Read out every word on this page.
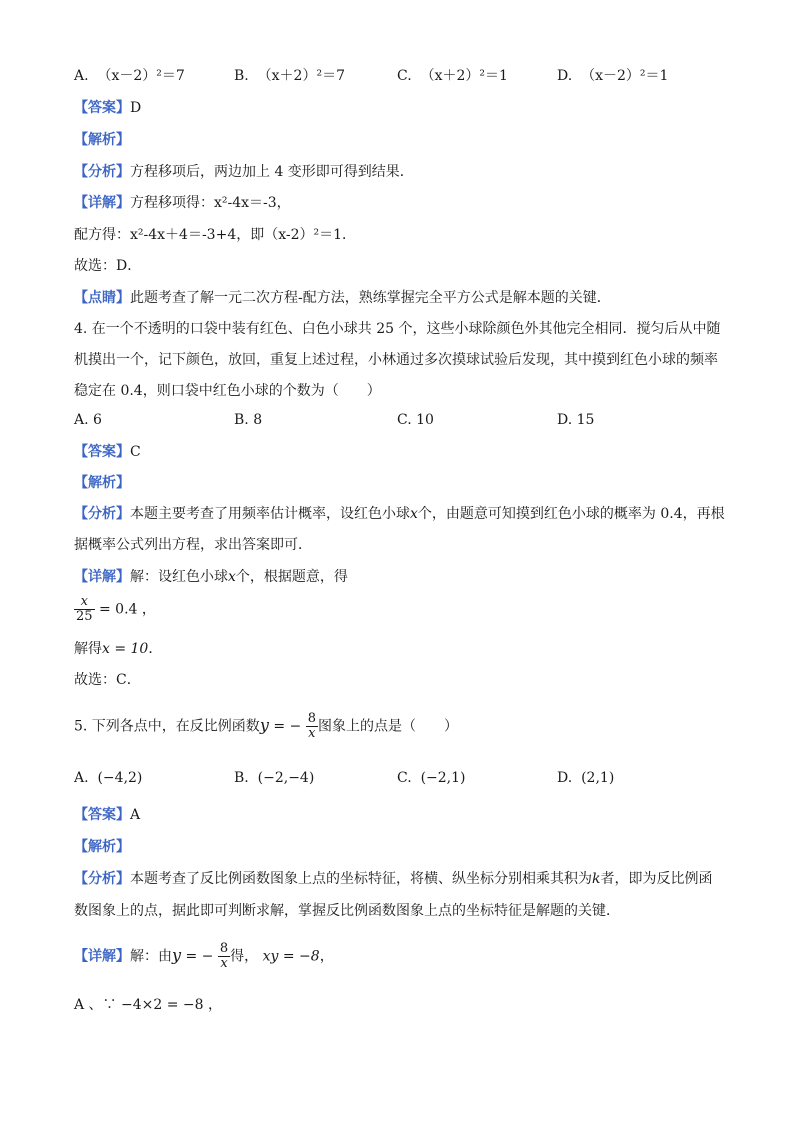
A. （x－2）²＝7	B. （x＋2）²＝7	C. （x＋2）²＝1	D. （x－2）²＝1
【答案】D
【解析】
【分析】方程移项后，两边加上 4 变形即可得到结果．
【详解】方程移项得：x²-4x＝-3，
配方得：x²-4x＋4＝-3+4，即（x-2）²＝1．
故选：D．
【点睛】此题考查了解一元二次方程-配方法，熟练掌握完全平方公式是解本题的关键．
4. 在一个不透明的口袋中装有红色、白色小球共 25 个，这些小球除颜色外其他完全相同．搅匀后从中随
机摸出一个，记下颜色，放回，重复上述过程，小林通过多次摸球试验后发现，其中摸到红色小球的频率
稳定在 0.4，则口袋中红色小球的个数为（　　）
A. 6	B. 8	C. 10	D. 15
【答案】C
【解析】
【分析】本题主要考查了用频率估计概率，设红色小球x个，由题意可知摸到红色小球的概率为 0.4，再根
据概率公式列出方程，求出答案即可．
【详解】解：设红色小球x个，根据题意，得
$\frac{x}{25} = 0.4$ ，
解得x = 10．
故选：C．
5. 下列各点中，在反比例函数y = − $\frac{8}{x}$ 图象上的点是（　　）
A. (−4,2)	B. (−2,−4)	C. (−2,1)	D. (2,1)
【答案】A
【解析】
【分析】本题考查了反比例函数图象上点的坐标特征，将横、纵坐标分别相乘其积为k者，即为反比例函
数图象上的点，据此即可判断求解，掌握反比例函数图象上点的坐标特征是解题的关键．
【详解】解：由y = − $\frac{8}{x}$ 得， xy = −8，
A 、∵ −4×2 = −8 ，
